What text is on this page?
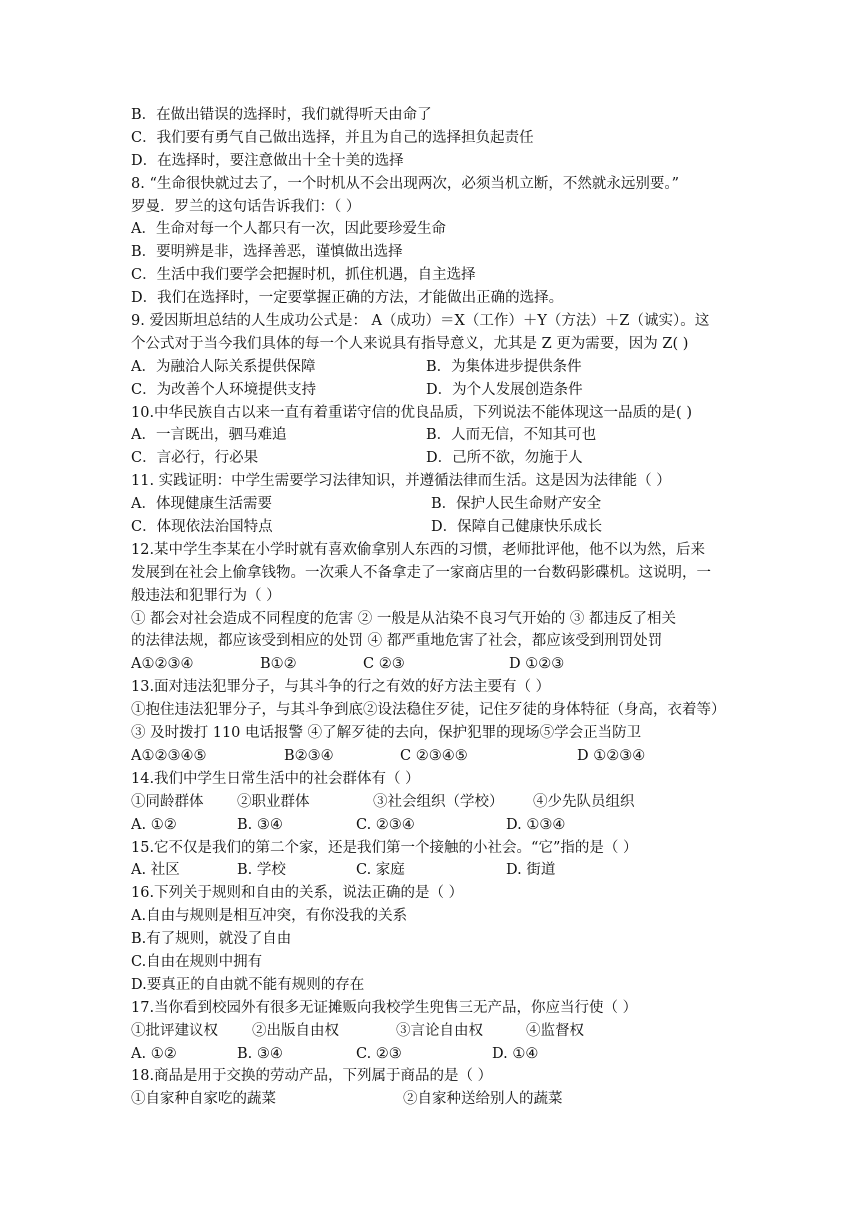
B．在做出错误的选择时，我们就得听天由命了
C．我们要有勇气自己做出选择，并且为自己的选择担负起责任
D．在选择时，要注意做出十全十美的选择
8. “生命很快就过去了，一个时机从不会出现两次，必须当机立断，不然就永远别要。”
罗曼．罗兰的这句话告诉我们：（ ）
A．生命对每一个人都只有一次，因此要珍爱生命
B．要明辨是非，选择善恶，谨慎做出选择
C．生活中我们要学会把握时机，抓住机遇，自主选择
D．我们在选择时，一定要掌握正确的方法，才能做出正确的选择。
9. 爱因斯坦总结的人生成功公式是： A（成功）＝X（工作）＋Y（方法）＋Z（诚实）。这
个公式对于当今我们具体的每一个人来说具有指导意义，尤其是 Z 更为需要，因为 Z( )
A．为融洽人际关系提供保障	B．为集体进步提供条件
C．为改善个人环境提供支持	D．为个人发展创造条件
10.中华民族自古以来一直有着重诺守信的优良品质，下列说法不能体现这一品质的是( )
A．一言既出，驷马难追	B．人而无信，不知其可也
C．言必行，行必果	D．己所不欲，勿施于人
11. 实践证明：中学生需要学习法律知识，并遵循法律而生活。这是因为法律能（ ）
A．体现健康生活需要	B．保护人民生命财产安全
C．体现依法治国特点	D．保障自己健康快乐成长
12.某中学生李某在小学时就有喜欢偷拿别人东西的习惯，老师批评他，他不以为然，后来
发展到在社会上偷拿钱物。一次乘人不备拿走了一家商店里的一台数码影碟机。这说明，一
般违法和犯罪行为（ ）
① 都会对社会造成不同程度的危害 ② 一般是从沾染不良习气开始的 ③ 都违反了相关
的法律法规，都应该受到相应的处罚 ④ 都严重地危害了社会，都应该受到刑罚处罚
A①②③④	B①②	C ②③	D ①②③
13.面对违法犯罪分子，与其斗争的行之有效的好方法主要有（ ）
①抱住违法犯罪分子，与其斗争到底②设法稳住歹徒，记住歹徒的身体特征（身高，衣着等）
③ 及时拨打 110 电话报警 ④了解歹徒的去向，保护犯罪的现场⑤学会正当防卫
A①②③④⑤	B②③④	C ②③④⑤	D ①②③④
14.我们中学生日常生活中的社会群体有（ ）
①同龄群体 ②职业群体	③社会组织（学校） ④少先队员组织
A. ①②	B. ③④	C. ②③④	D. ①③④
15.它不仅是我们的第二个家，还是我们第一个接触的小社会。“它”指的是（ ）
A. 社区	B. 学校	C. 家庭	D. 街道
16.下列关于规则和自由的关系，说法正确的是（ ）
A.自由与规则是相互冲突，有你没我的关系
B.有了规则，就没了自由
C.自由在规则中拥有
D.要真正的自由就不能有规则的存在
17.当你看到校园外有很多无证摊贩向我校学生兜售三无产品，你应当行使（ ）
①批评建议权 ②出版自由权	③言论自由权	④监督权
A. ①②	B. ③④	C. ②③	D. ①④
18.商品是用于交换的劳动产品，下列属于商品的是（ ）
①自家种自家吃的蔬菜	②自家种送给别人的蔬菜
